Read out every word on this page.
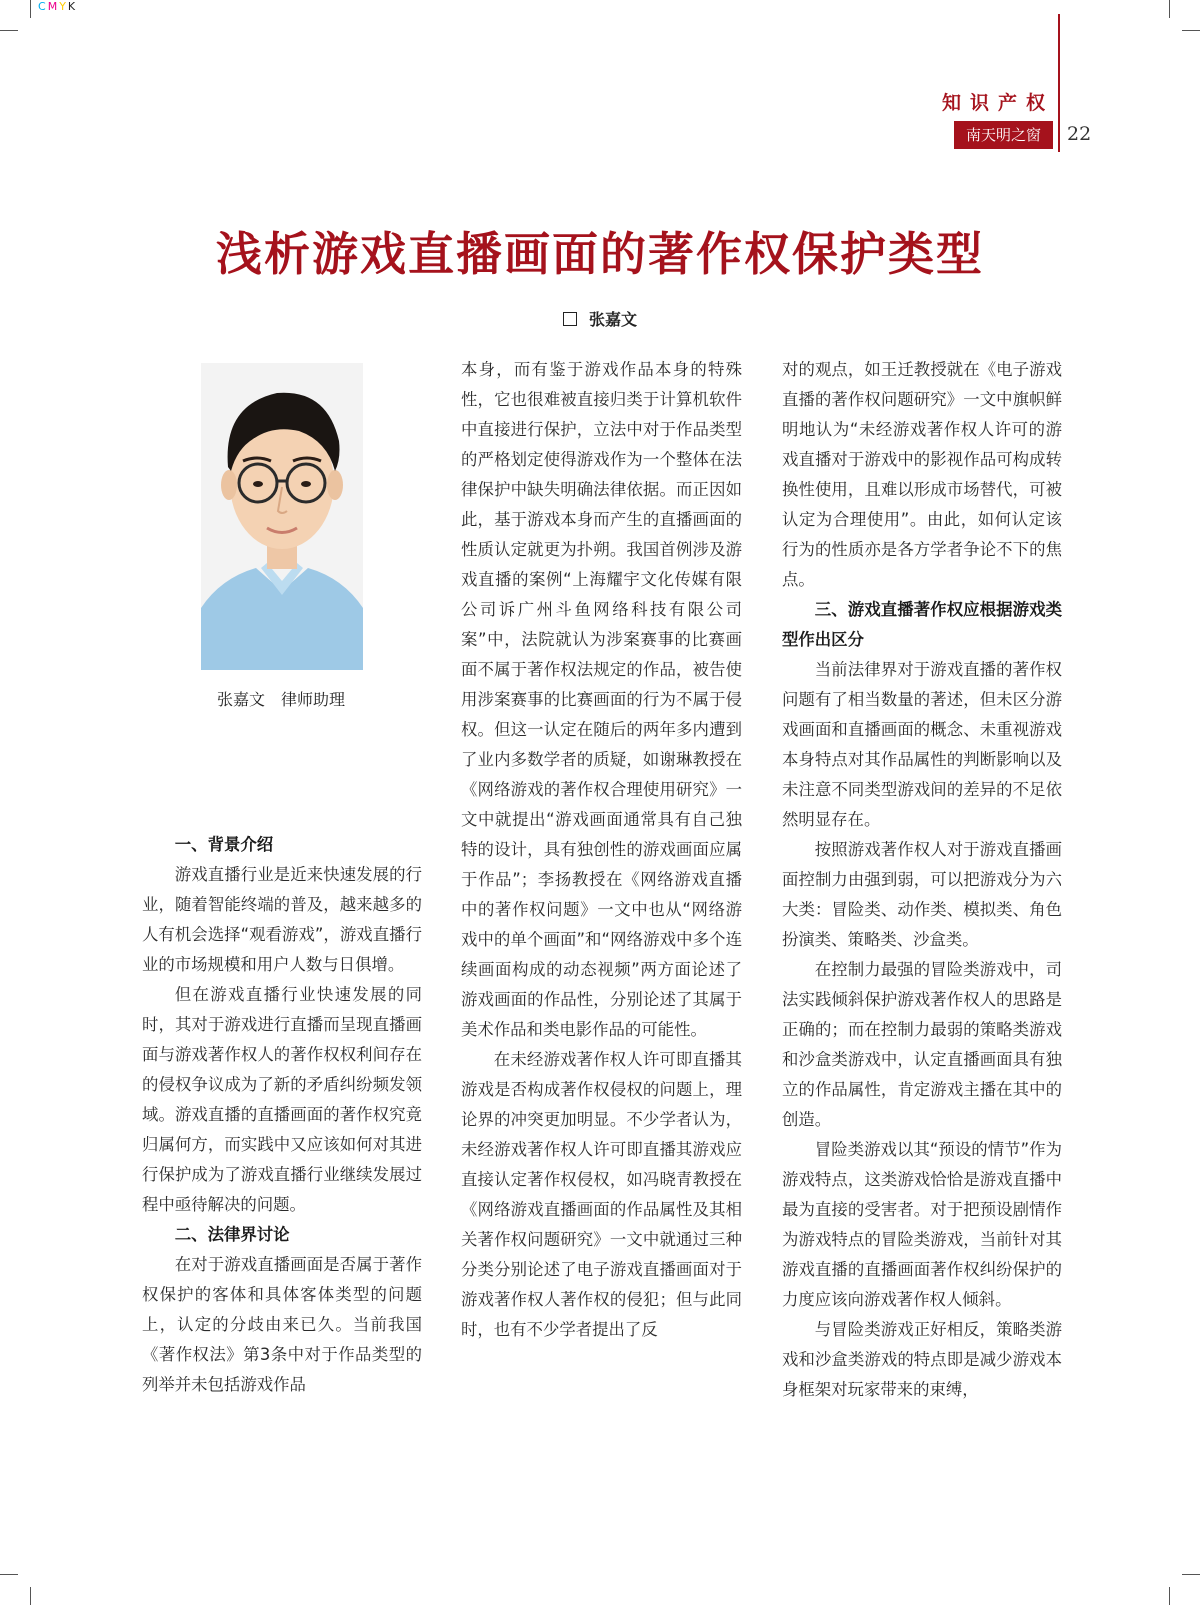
CMYK
知识产权
南天明之窗	22
浅析游戏直播画面的著作权保护类型
张嘉文
张嘉文　律师助理
一、背景介绍

游戏直播行业是近来快速发展的行业，随着智能终端的普及，越来越多的人有机会选择“观看游戏”，游戏直播行业的市场规模和用户人数与日俱增。

但在游戏直播行业快速发展的同时，其对于游戏进行直播而呈现直播画面与游戏著作权人的著作权权利间存在的侵权争议成为了新的矛盾纠纷频发领域。游戏直播的直播画面的著作权究竟归属何方，而实践中又应该如何对其进行保护成为了游戏直播行业继续发展过程中亟待解决的问题。

二、法律界讨论

在对于游戏直播画面是否属于著作权保护的客体和具体客体类型的问题上，认定的分歧由来已久。当前我国《著作权法》第3条中对于作品类型的列举并未包括游戏作品

本身，而有鉴于游戏作品本身的特殊性，它也很难被直接归类于计算机软件中直接进行保护，立法中对于作品类型的严格划定使得游戏作为一个整体在法律保护中缺失明确法律依据。而正因如此，基于游戏本身而产生的直播画面的性质认定就更为扑朔。我国首例涉及游戏直播的案例“上海耀宇文化传媒有限公司诉广州斗鱼网络科技有限公司案”中，法院就认为涉案赛事的比赛画面不属于著作权法规定的作品，被告使用涉案赛事的比赛画面的行为不属于侵权。但这一认定在随后的两年多内遭到了业内多数学者的质疑，如谢琳教授在《网络游戏的著作权合理使用研究》一文中就提出“游戏画面通常具有自己独特的设计，具有独创性的游戏画面应属于作品”；李扬教授在《网络游戏直播中的著作权问题》一文中也从“网络游戏中的单个画面”和“网络游戏中多个连续画面构成的动态视频”两方面论述了游戏画面的作品性，分别论述了其属于美术作品和类电影作品的可能性。

在未经游戏著作权人许可即直播其游戏是否构成著作权侵权的问题上，理论界的冲突更加明显。不少学者认为，未经游戏著作权人许可即直播其游戏应直接认定著作权侵权，如冯晓青教授在《网络游戏直播画面的作品属性及其相关著作权问题研究》一文中就通过三种分类分别论述了电子游戏直播画面对于游戏著作权人著作权的侵犯；但与此同时，也有不少学者提出了反

对的观点，如王迁教授就在《电子游戏直播的著作权问题研究》一文中旗帜鲜明地认为“未经游戏著作权人许可的游戏直播对于游戏中的影视作品可构成转换性使用，且难以形成市场替代，可被认定为合理使用”。由此，如何认定该行为的性质亦是各方学者争论不下的焦点。

三、游戏直播著作权应根据游戏类型作出区分

当前法律界对于游戏直播的著作权问题有了相当数量的著述，但未区分游戏画面和直播画面的概念、未重视游戏本身特点对其作品属性的判断影响以及未注意不同类型游戏间的差异的不足依然明显存在。

按照游戏著作权人对于游戏直播画面控制力由强到弱，可以把游戏分为六大类：冒险类、动作类、模拟类、角色扮演类、策略类、沙盒类。

在控制力最强的冒险类游戏中，司法实践倾斜保护游戏著作权人的思路是正确的；而在控制力最弱的策略类游戏和沙盒类游戏中，认定直播画面具有独立的作品属性，肯定游戏主播在其中的创造。

冒险类游戏以其“预设的情节”作为游戏特点，这类游戏恰恰是游戏直播中最为直接的受害者。对于把预设剧情作为游戏特点的冒险类游戏，当前针对其游戏直播的直播画面著作权纠纷保护的力度应该向游戏著作权人倾斜。

与冒险类游戏正好相反，策略类游戏和沙盒类游戏的特点即是减少游戏本身框架对玩家带来的束缚，
